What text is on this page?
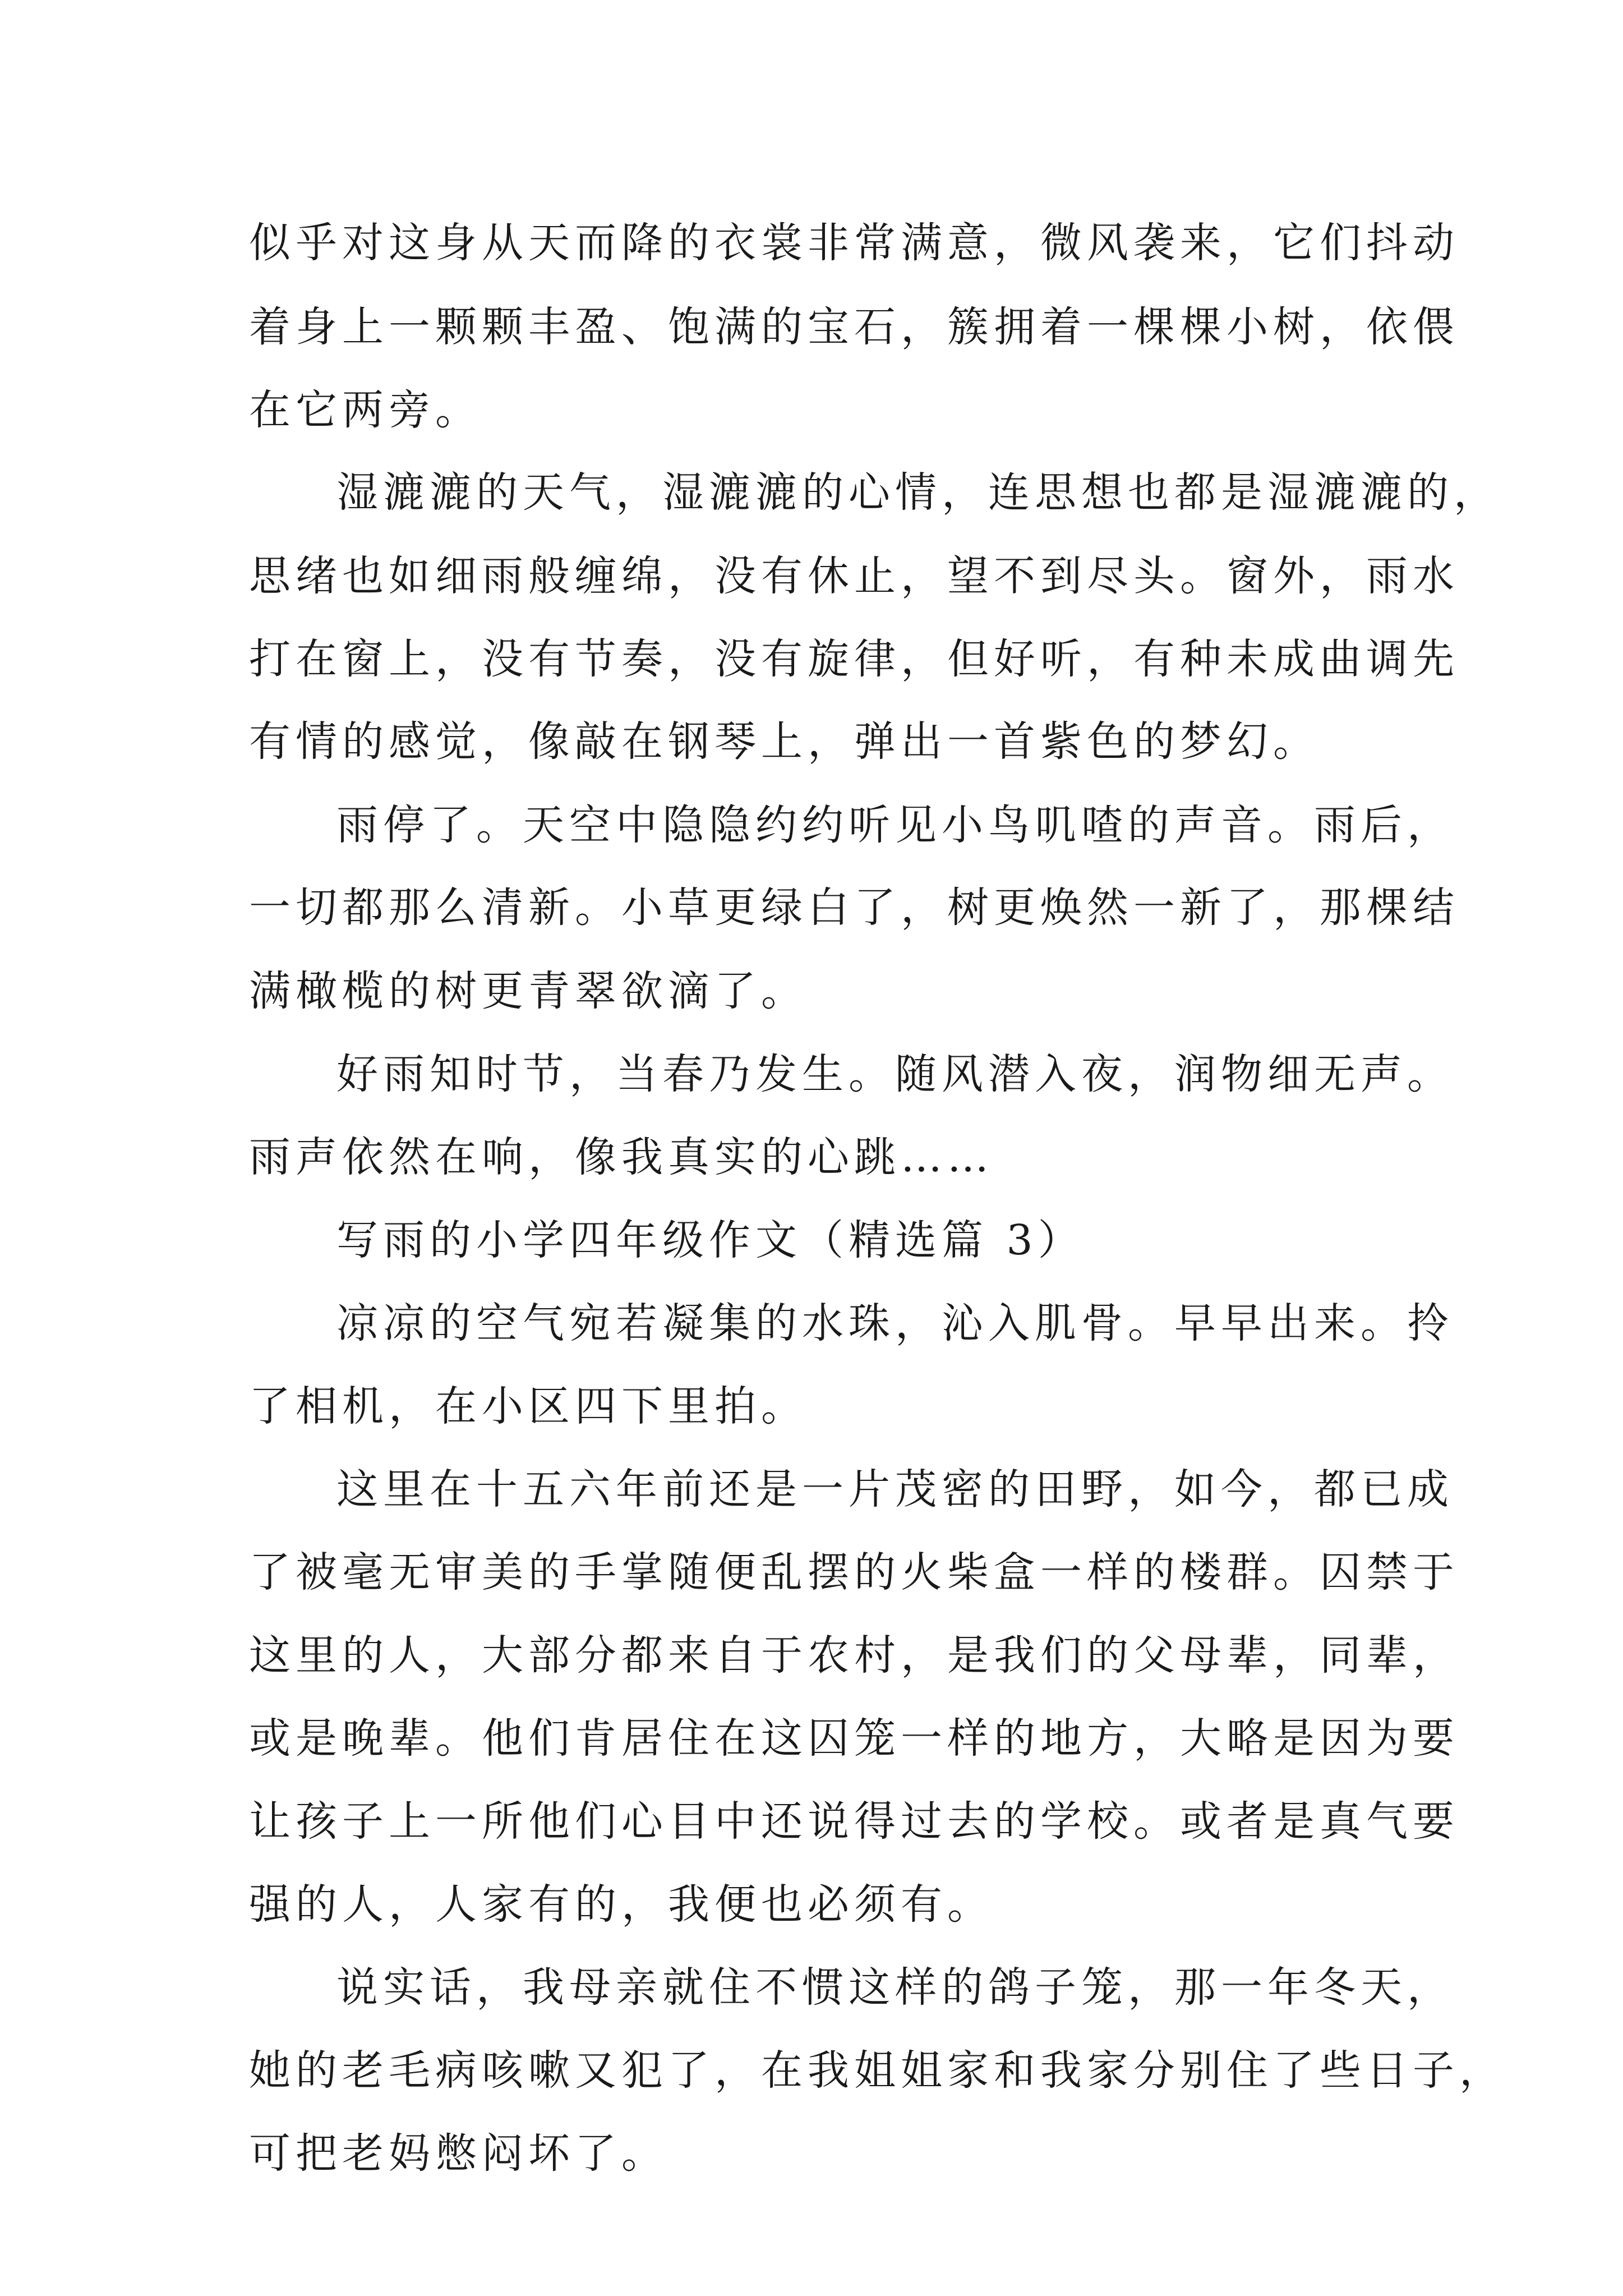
似乎对这身从天而降的衣裳非常满意，微风袭来，它们抖动
着身上一颗颗丰盈、饱满的宝石，簇拥着一棵棵小树，依偎
在它两旁。
湿漉漉的天气，湿漉漉的心情，连思想也都是湿漉漉的，
思绪也如细雨般缠绵，没有休止，望不到尽头。窗外，雨水
打在窗上，没有节奏，没有旋律，但好听，有种未成曲调先
有情的感觉，像敲在钢琴上，弹出一首紫色的梦幻。
雨停了。天空中隐隐约约听见小鸟叽喳的声音。雨后，
一切都那么清新。小草更绿白了，树更焕然一新了，那棵结
满橄榄的树更青翠欲滴了。
好雨知时节，当春乃发生。随风潜入夜，润物细无声。
雨声依然在响，像我真实的心跳……
写雨的小学四年级作文（精选篇 3）
凉凉的空气宛若凝集的水珠，沁入肌骨。早早出来。拎
了相机，在小区四下里拍。
这里在十五六年前还是一片茂密的田野，如今，都已成
了被毫无审美的手掌随便乱摆的火柴盒一样的楼群。囚禁于
这里的人，大部分都来自于农村，是我们的父母辈，同辈，
或是晚辈。他们肯居住在这囚笼一样的地方，大略是因为要
让孩子上一所他们心目中还说得过去的学校。或者是真气要
强的人，人家有的，我便也必须有。
说实话，我母亲就住不惯这样的鸽子笼，那一年冬天，
她的老毛病咳嗽又犯了，在我姐姐家和我家分别住了些日子，
可把老妈憋闷坏了。
